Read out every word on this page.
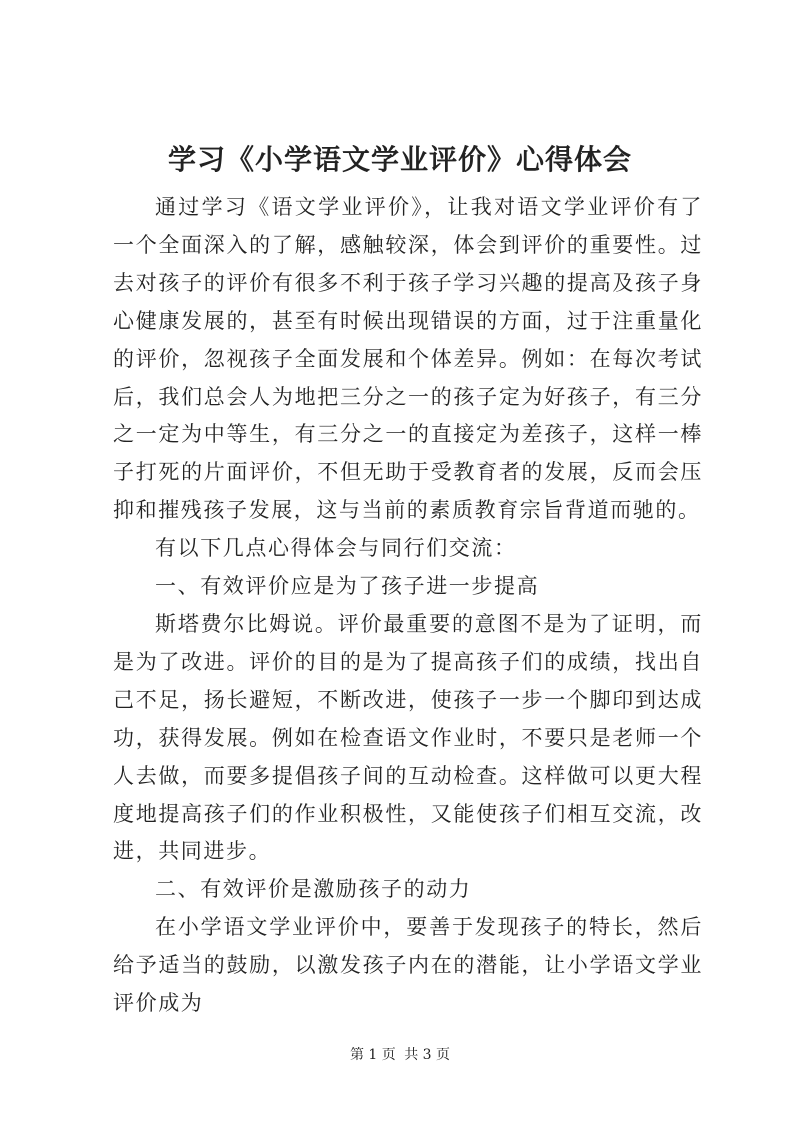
学习《小学语文学业评价》心得体会

通过学习《语文学业评价》，让我对语文学业评价有了一个全面深入的了解，感触较深，体会到评价的重要性。过去对孩子的评价有很多不利于孩子学习兴趣的提高及孩子身心健康发展的，甚至有时候出现错误的方面，过于注重量化的评价，忽视孩子全面发展和个体差异。例如：在每次考试后，我们总会人为地把三分之一的孩子定为好孩子，有三分之一定为中等生，有三分之一的直接定为差孩子，这样一棒子打死的片面评价，不但无助于受教育者的发展，反而会压抑和摧残孩子发展，这与当前的素质教育宗旨背道而驰的。

有以下几点心得体会与同行们交流：

一、有效评价应是为了孩子进一步提高

斯塔费尔比姆说。评价最重要的意图不是为了证明，而是为了改进。评价的目的是为了提高孩子们的成绩，找出自己不足，扬长避短，不断改进，使孩子一步一个脚印到达成功，获得发展。例如在检查语文作业时，不要只是老师一个人去做，而要多提倡孩子间的互动检查。这样做可以更大程度地提高孩子们的作业积极性，又能使孩子们相互交流，改进，共同进步。

二、有效评价是激励孩子的动力

在小学语文学业评价中，要善于发现孩子的特长，然后给予适当的鼓励，以激发孩子内在的潜能，让小学语文学业评价成为

第 1 页 共 3 页
